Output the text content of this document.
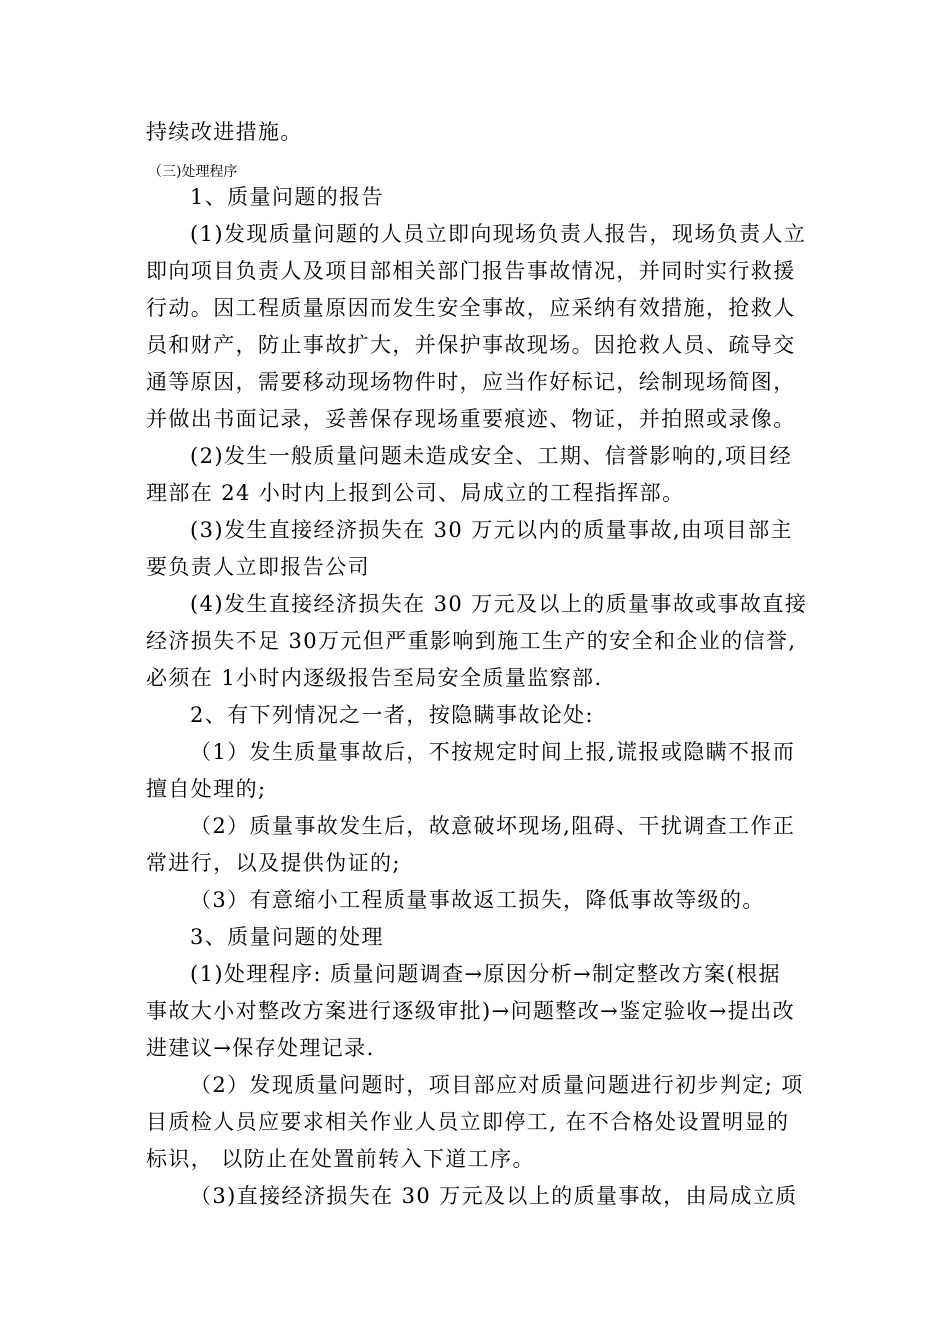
持续改进措施。
（三)处理程序
1、质量问题的报告
(1)发现质量问题的人员立即向现场负责人报告，现场负责人立
即向项目负责人及项目部相关部门报告事故情况，并同时实行救援
行动。因工程质量原因而发生安全事故，应采纳有效措施，抢救人
员和财产，防止事故扩大，并保护事故现场。因抢救人员、疏导交
通等原因，需要移动现场物件时，应当作好标记，绘制现场简图，
并做出书面记录，妥善保存现场重要痕迹、物证，并拍照或录像。
(2)发生一般质量问题未造成安全、工期、信誉影响的,项目经
理部在 24 小时内上报到公司、局成立的工程指挥部。
(3)发生直接经济损失在 30 万元以内的质量事故,由项目部主
要负责人立即报告公司
(4)发生直接经济损失在 30 万元及以上的质量事故或事故直接
经济损失不足 30万元但严重影响到施工生产的安全和企业的信誉,
必须在 1小时内逐级报告至局安全质量监察部.
2、有下列情况之一者，按隐瞒事故论处:
（1）发生质量事故后，不按规定时间上报,谎报或隐瞒不报而
擅自处理的;
（2）质量事故发生后，故意破坏现场,阻碍、干扰调查工作正
常进行，以及提供伪证的;
（3）有意缩小工程质量事故返工损失，降低事故等级的。
3、质量问题的处理
(1)处理程序: 质量问题调查→原因分析→制定整改方案(根据
事故大小对整改方案进行逐级审批)→问题整改→鉴定验收→提出改
进建议→保存处理记录.
（2）发现质量问题时，项目部应对质量问题进行初步判定; 项
目质检人员应要求相关作业人员立即停工, 在不合格处设置明显的
标识， 以防止在处置前转入下道工序。
（3)直接经济损失在 30 万元及以上的质量事故，由局成立质
